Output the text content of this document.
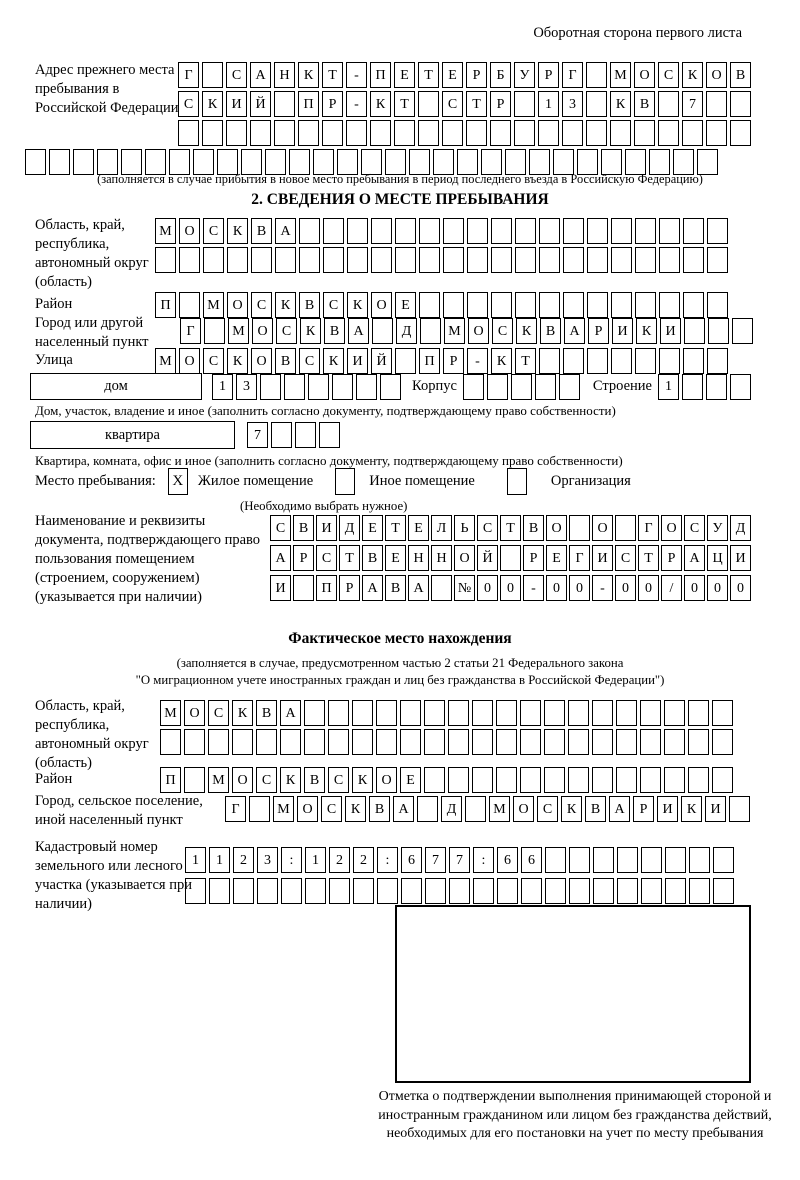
Оборотная сторона первого листа
Адрес прежнего места пребывания в Российской Федерации
Г	С	А Н	К	Т	-	П	Е	Т	Е	Р	Б	У	Р	Г	М О	С	К	О	В
С	К	И Й	П	Р	-	К	Т	С	Т	Р	1	3	К	В	7
(заполняется в случае прибытия в новое место пребывания в период последнего въезда в Российскую Федерацию)
2. СВЕДЕНИЯ О МЕСТЕ ПРЕБЫВАНИЯ
Область, край, республика, автономный округ (область)
М О	С	К	В	А
Район	П	М О	С	К	В	С	К	О	Е
Город или другой населенный пункт
Г	М О	С	К	В	А	Д	М О	С	К	В	А	Р	И	К	И
Улица	М О	С	К	О	В	С	К	И Й	П	Р	-	К	Т
дом	1	3	Корпус	Строение 1
Дом, участок, владение и иное (заполнить согласно документу, подтверждающему право собственности)
квартира	7
Квартира, комната, офис и иное (заполнить согласно документу, подтверждающему право собственности)
Место пребывания:	X	Жилое помещение	Иное помещение	Организация
(Необходимо выбрать нужное)
Наименование и реквизиты документа, подтверждающего право пользования помещением (строением, сооружением) (указывается при наличии)
С В И Д Е	Т	Е Л	Ь	С	Т	В О	О	Г О С У Д
А	Р	С	Т	В	Е Н Н О Й	Р	Е	Г И С	Т	Р	А Ц И
И	П	Р	А В А	№ 0	0	-	0	0	-	0	0	/	0	0	0
Фактическое место нахождения
(заполняется в случае, предусмотренном частью 2 статьи 21 Федерального закона
"О миграционном учете иностранных граждан и лиц без гражданства в Российской Федерации")
Область, край, республика, автономный округ (область)
М О	С	К	В	А
Район	П	М О	С	К	В	С	К	О	Е
Город, сельское поселение, иной населенный пункт
Г	М О	С	К	В	А	Д	М О	С	К	В	А	Р	И	К	И
Кадастровый номер земельного или лесного участка (указывается при наличии)
1	1	2	3	:	1	2	2	:	6	7	7	:	6	6
Отметка о подтверждении выполнения принимающей стороной и иностранным гражданином или лицом без гражданства действий, необходимых для его постановки на учет по месту пребывания
